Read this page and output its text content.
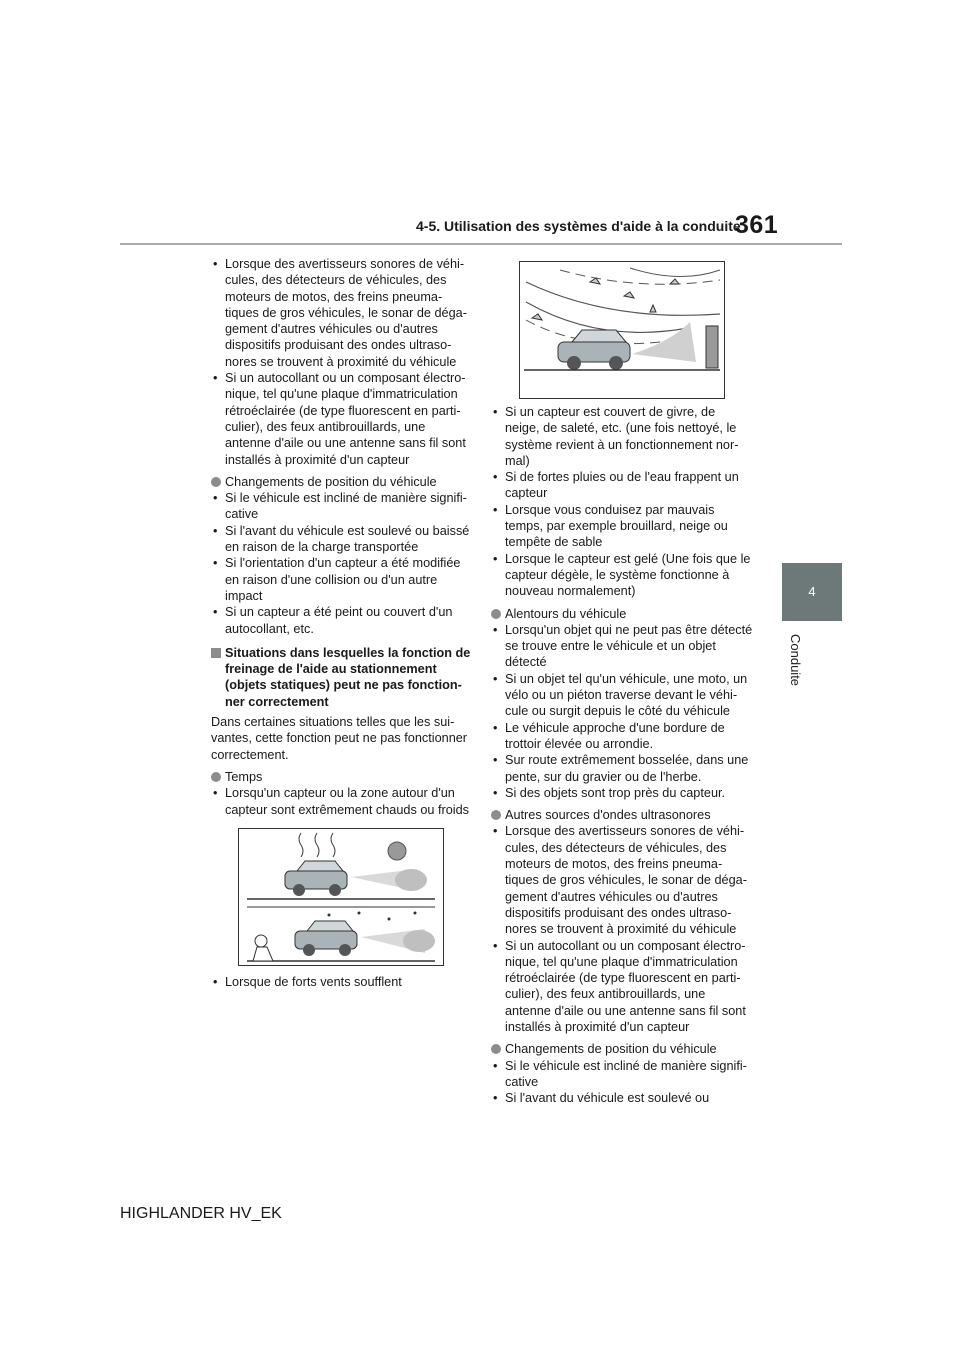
4-5. Utilisation des systèmes d'aide à la conduite
361
4
Conduite
• Lorsque des avertisseurs sonores de véhi-cules, des détecteurs de véhicules, des moteurs de motos, des freins pneuma-tiques de gros véhicules, le sonar de déga-gement d'autres véhicules ou d'autres dispositifs produisant des ondes ultraso-nores se trouvent à proximité du véhicule
• Si un autocollant ou un composant électro-nique, tel qu'une plaque d'immatriculation rétroéclairée (de type fluorescent en parti-culier), des feux antibrouillards, une antenne d'aile ou une antenne sans fil sont installés à proximité d'un capteur
Changements de position du véhicule
• Si le véhicule est incliné de manière signifi-cative
• Si l'avant du véhicule est soulevé ou baissé en raison de la charge transportée
• Si l'orientation d'un capteur a été modifiée en raison d'une collision ou d'un autre impact
• Si un capteur a été peint ou couvert d'un autocollant, etc.
Situations dans lesquelles la fonction de freinage de l'aide au stationnement (objets statiques) peut ne pas fonction-ner correctement
Dans certaines situations telles que les sui-vantes, cette fonction peut ne pas fonctionner correctement.
Temps
• Lorsqu'un capteur ou la zone autour d'un capteur sont extrêmement chauds ou froids
• Lorsque de forts vents soufflent
• Si un capteur est couvert de givre, de neige, de saleté, etc. (une fois nettoyé, le système revient à un fonctionnement nor-mal)
• Si de fortes pluies ou de l'eau frappent un capteur
• Lorsque vous conduisez par mauvais temps, par exemple brouillard, neige ou tempête de sable
• Lorsque le capteur est gelé (Une fois que le capteur dégèle, le système fonctionne à nouveau normalement)
Alentours du véhicule
• Lorsqu'un objet qui ne peut pas être détecté se trouve entre le véhicule et un objet détecté
• Si un objet tel qu'un véhicule, une moto, un vélo ou un piéton traverse devant le véhi-cule ou surgit depuis le côté du véhicule
• Le véhicule approche d'une bordure de trottoir élevée ou arrondie.
• Sur route extrêmement bosselée, dans une pente, sur du gravier ou de l'herbe.
• Si des objets sont trop près du capteur.
Autres sources d'ondes ultrasonores
• Lorsque des avertisseurs sonores de véhi-cules, des détecteurs de véhicules, des moteurs de motos, des freins pneuma-tiques de gros véhicules, le sonar de déga-gement d'autres véhicules ou d'autres dispositifs produisant des ondes ultraso-nores se trouvent à proximité du véhicule
• Si un autocollant ou un composant électro-nique, tel qu'une plaque d'immatriculation rétroéclairée (de type fluorescent en parti-culier), des feux antibrouillards, une antenne d'aile ou une antenne sans fil sont installés à proximité d'un capteur
Changements de position du véhicule
• Si le véhicule est incliné de manière signifi-cative
• Si l'avant du véhicule est soulevé ou
HIGHLANDER HV_EK
